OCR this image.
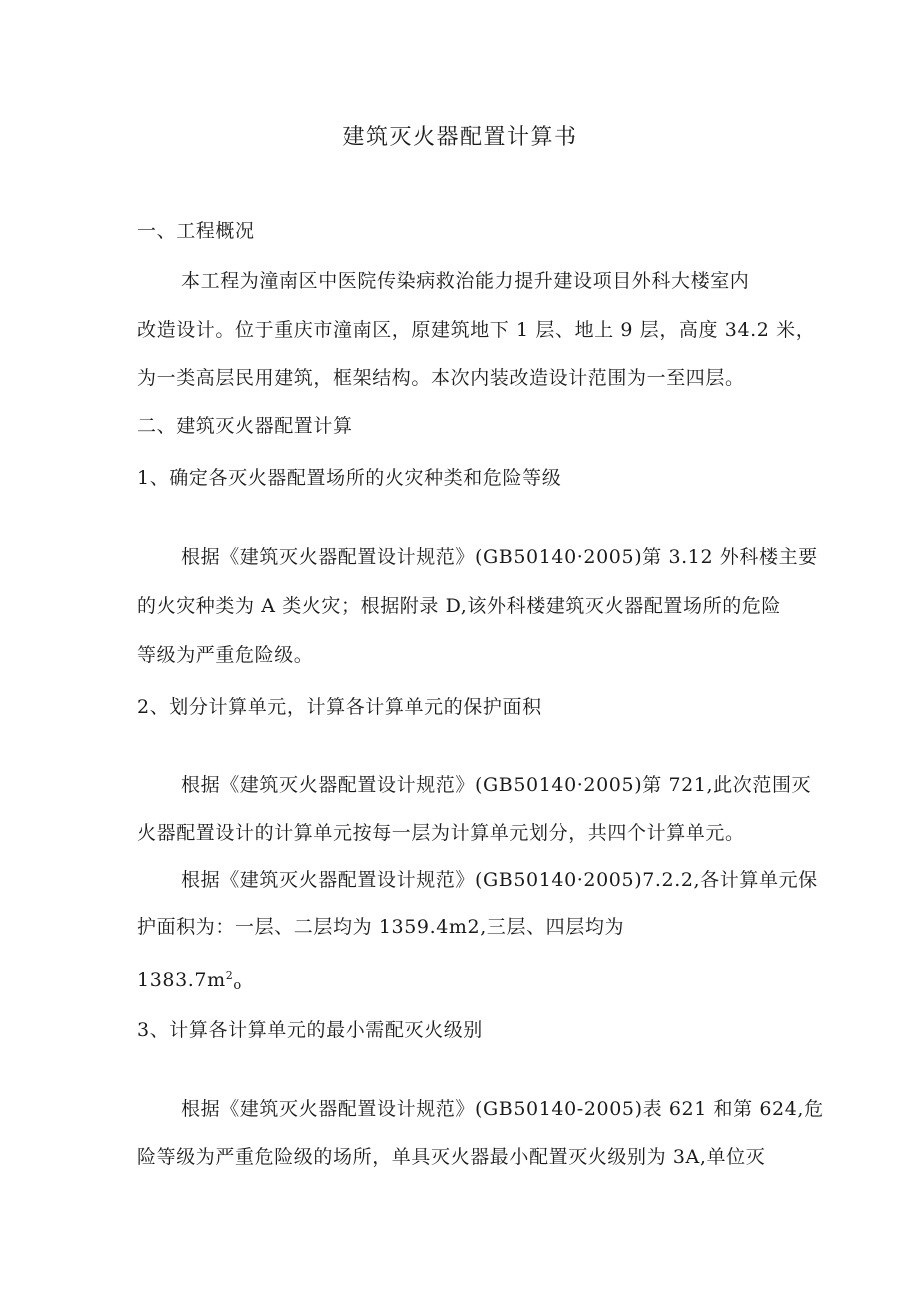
建筑灭火器配置计算书
一、工程概况
本工程为潼南区中医院传染病救治能力提升建设项目外科大楼室内
改造设计。位于重庆市潼南区，原建筑地下 1 层、地上 9 层，高度 34.2 米，
为一类高层民用建筑，框架结构。本次内装改造设计范围为一至四层。
二、建筑灭火器配置计算
1、确定各灭火器配置场所的火灾种类和危险等级
根据《建筑灭火器配置设计规范》(GB50140·2005)第 3.12 外科楼主要
的火灾种类为 A 类火灾；根据附录 D,该外科楼建筑灭火器配置场所的危险
等级为严重危险级。
2、划分计算单元，计算各计算单元的保护面积
根据《建筑灭火器配置设计规范》(GB50140·2005)第 721,此次范围灭
火器配置设计的计算单元按每一层为计算单元划分，共四个计算单元。
根据《建筑灭火器配置设计规范》(GB50140·2005)7.2.2,各计算单元保
护面积为：一层、二层均为 1359.4m2,三层、四层均为
$1383.7m^2_o$
3、计算各计算单元的最小需配灭火级别
根据《建筑灭火器配置设计规范》(GB50140-2005)表 621 和第 624,危
险等级为严重危险级的场所，单具灭火器最小配置灭火级别为 3A,单位灭
